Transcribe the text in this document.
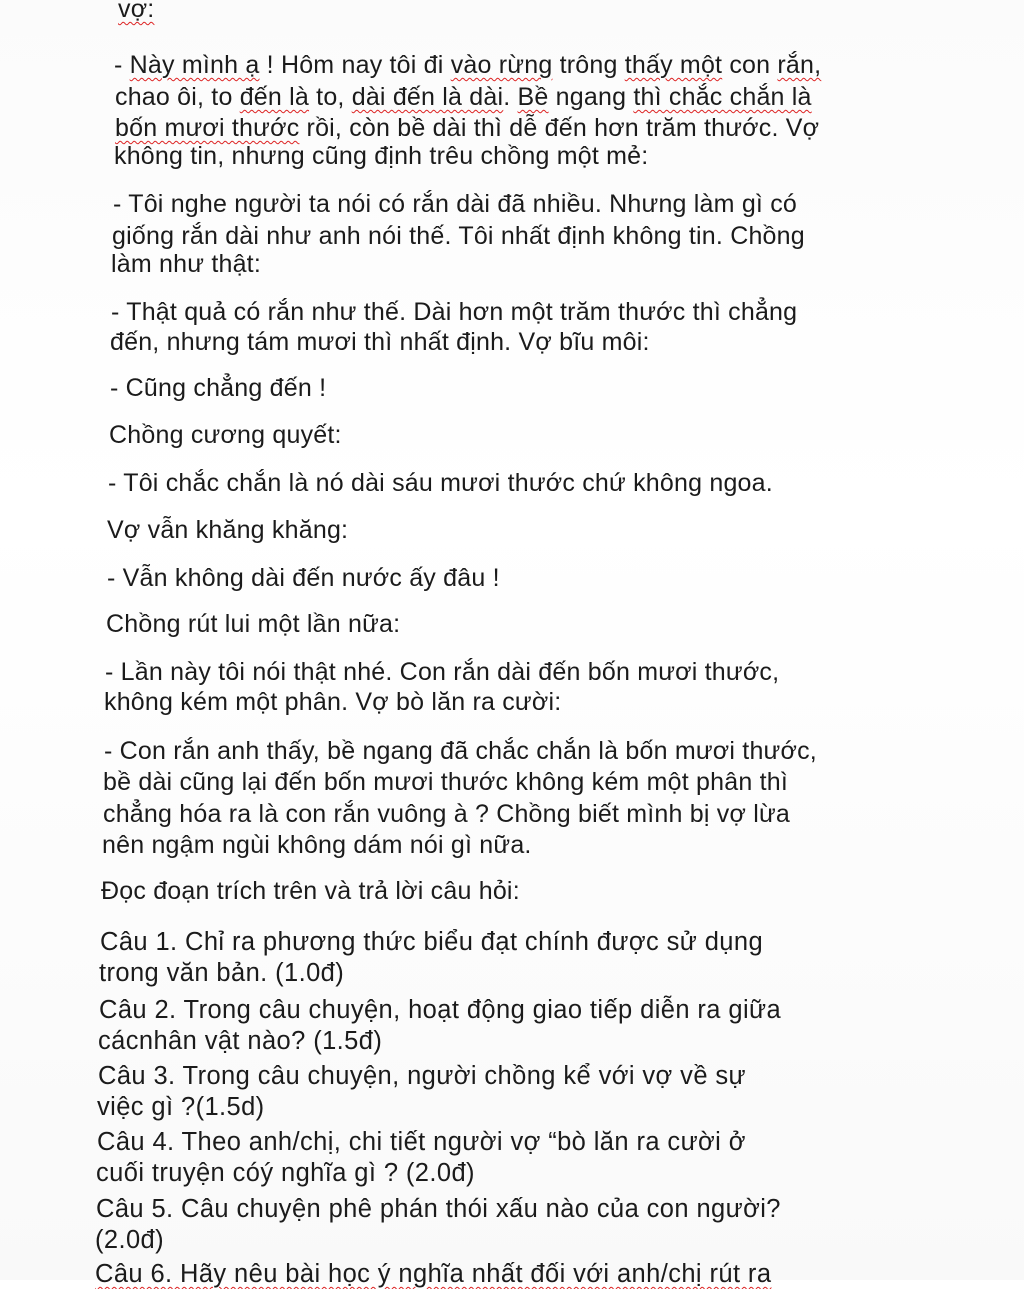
vợ:
- Này mình ạ ! Hôm nay tôi đi vào rừng trông thấy một con rắn,
chao ôi, to đến là to, dài đến là dài. Bề ngang thì chắc chắn là
bốn mươi thước rồi, còn bề dài thì dễ đến hơn trăm thước. Vợ
không tin, nhưng cũng định trêu chồng một mẻ:
- Tôi nghe người ta nói có rắn dài đã nhiều. Nhưng làm gì có
giống rắn dài như anh nói thế. Tôi nhất định không tin. Chồng
làm như thật:
- Thật quả có rắn như thế. Dài hơn một trăm thước thì chẳng
đến, nhưng tám mươi thì nhất định. Vợ bĩu môi:
- Cũng chẳng đến !
Chồng cương quyết:
- Tôi chắc chắn là nó dài sáu mươi thước chứ không ngoa.
Vợ vẫn khăng khăng:
- Vẫn không dài đến nước ấy đâu !
Chồng rút lui một lần nữa:
- Lần này tôi nói thật nhé. Con rắn dài đến bốn mươi thước,
không kém một phân. Vợ bò lăn ra cười:
- Con rắn anh thấy, bề ngang đã chắc chắn là bốn mươi thước,
bề dài cũng lại đến bốn mươi thước không kém một phân thì
chẳng hóa ra là con rắn vuông à ? Chồng biết mình bị vợ lừa
nên ngậm ngùi không dám nói gì nữa.
Đọc đoạn trích trên và trả lời câu hỏi:
Câu 1. Chỉ ra phương thức biểu đạt chính được sử dụng
trong văn bản. (1.0đ)
Câu 2. Trong câu chuyện, hoạt động giao tiếp diễn ra giữa
cácnhân vật nào? (1.5đ)
Câu 3. Trong câu chuyện, người chồng kể với vợ về sự
việc gì ?(1.5d)
Câu 4. Theo anh/chị, chi tiết người vợ “bò lăn ra cười ở
cuối truyện cóý nghĩa gì ? (2.0đ)
Câu 5. Câu chuyện phê phán thói xấu nào của con người?
(2.0đ)
Câu 6. Hãy nêu bài học ý nghĩa nhất đối với anh/chị rút ra
